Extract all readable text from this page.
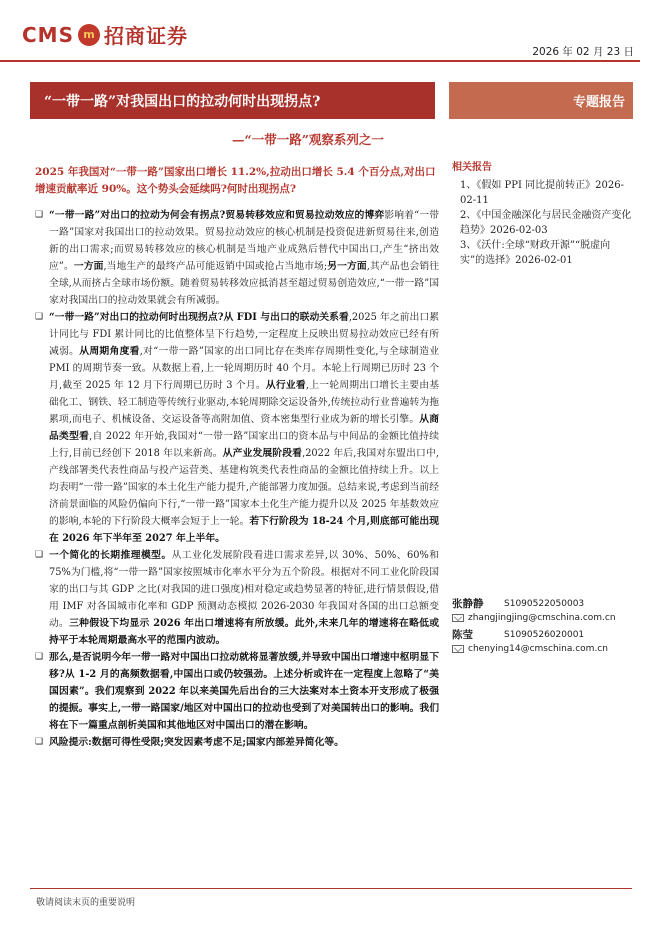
CMS m 招商证券
2026 年 02 月 23 日
“一带一路”对我国出口的拉动何时出现拐点?	专题报告
—“一带一路”观察系列之一
2025 年我国对“一带一路”国家出口增长 11.2%,拉动出口增长 5.4 个百分点,对出口增速贡献率近 90%。这个势头会延续吗?何时出现拐点?
❑ “一带一路”对出口的拉动为何会有拐点?贸易转移效应和贸易拉动效应的博弈影响着“一带一路”国家对我国出口的拉动效果。贸易拉动效应的核心机制是投资促进新贸易往来,创造新的出口需求;而贸易转移效应的核心机制是当地产业成熟后替代中国出口,产生“挤出效应”。一方面,当地生产的最终产品可能返销中国或抢占当地市场;另一方面,其产品也会销往全球,从而挤占全球市场份额。随着贸易转移效应抵消甚至超过贸易创造效应,“一带一路”国家对我国出口的拉动效果就会有所减弱。
❑ “一带一路”对出口的拉动何时出现拐点?从 FDI 与出口的联动关系看,2025 年之前出口累计同比与 FDI 累计同比的比值整体呈下行趋势,一定程度上反映出贸易拉动效应已经有所减弱。从周期角度看,对“一带一路”国家的出口同比存在类库存周期性变化,与全球制造业 PMI 的周期节奏一致。从数据上看,上一轮周期历时 40 个月。本轮上行周期已历时 23 个月,截至 2025 年 12 月下行周期已历时 3 个月。从行业看,上一轮周期出口增长主要由基础化工、钢铁、轻工制造等传统行业驱动,本轮周期除交运设备外,传统拉动行业普遍转为拖累项,而电子、机械设备、交运设备等高附加值、资本密集型行业成为新的增长引擎。从商品类型看,自 2022 年开始,我国对“一带一路”国家出口的资本品与中间品的金额比值持续上行,目前已经创下 2018 年以来新高。从产业发展阶段看,2022 年后,我国对东盟出口中,产线部署类代表性商品与投产运营类、基建构筑类代表性商品的金额比值持续上升。以上均表明“一带一路”国家的本土化生产能力提升,产能部署力度加强。总结来说,考虑到当前经济前景面临的风险仍偏向下行,“一带一路”国家本土化生产能力提升以及 2025 年基数效应的影响,本轮的下行阶段大概率会短于上一轮。若下行阶段为 18-24 个月,则底部可能出现在 2026 年下半年至 2027 年上半年。
❑ 一个简化的长期推理模型。从工业化发展阶段看进口需求差异,以 30%、50%、60%和 75%为门槛,将“一带一路”国家按照城市化率水平分为五个阶段。根据对不同工业化阶段国家的出口与其 GDP 之比(对我国的进口强度)相对稳定或趋势显著的特征,进行情景假设,借用 IMF 对各国城市化率和 GDP 预测动态模拟 2026-2030 年我国对各国的出口总额变动。三种假设下均显示 2026 年出口增速将有所放缓。此外,未来几年的增速将在略低或持平于本轮周期最高水平的范围内波动。
❑ 那么,是否说明今年一带一路对中国出口拉动就将显著放缓,并导致中国出口增速中枢明显下移?从 1-2 月的高频数据看,中国出口或仍较强劲。上述分析或许在一定程度上忽略了“美国因素”。我们观察到 2022 年以来美国先后出台的三大法案对本土资本开支形成了极强的提振。事实上,一带一路国家/地区对中国出口的拉动也受到了对美国转出口的影响。我们将在下一篇重点剖析美国和其他地区对中国出口的潜在影响。
❑ 风险提示:数据可得性受限;突发因素考虑不足;国家内部差异简化等。
相关报告
1、《假如 PPI 同比提前转正》2026-02-11
2、《中国金融深化与居民金融资产变化趋势》2026-02-03
3、《沃什:全球“财政开源”“脱虚向实”的选择》2026-02-01
张静静	S1090522050003
zhangjingjing@cmschina.com.cn
陈莹	S1090526020001
chenying14@cmschina.com.cn
敬请阅读末页的重要说明
